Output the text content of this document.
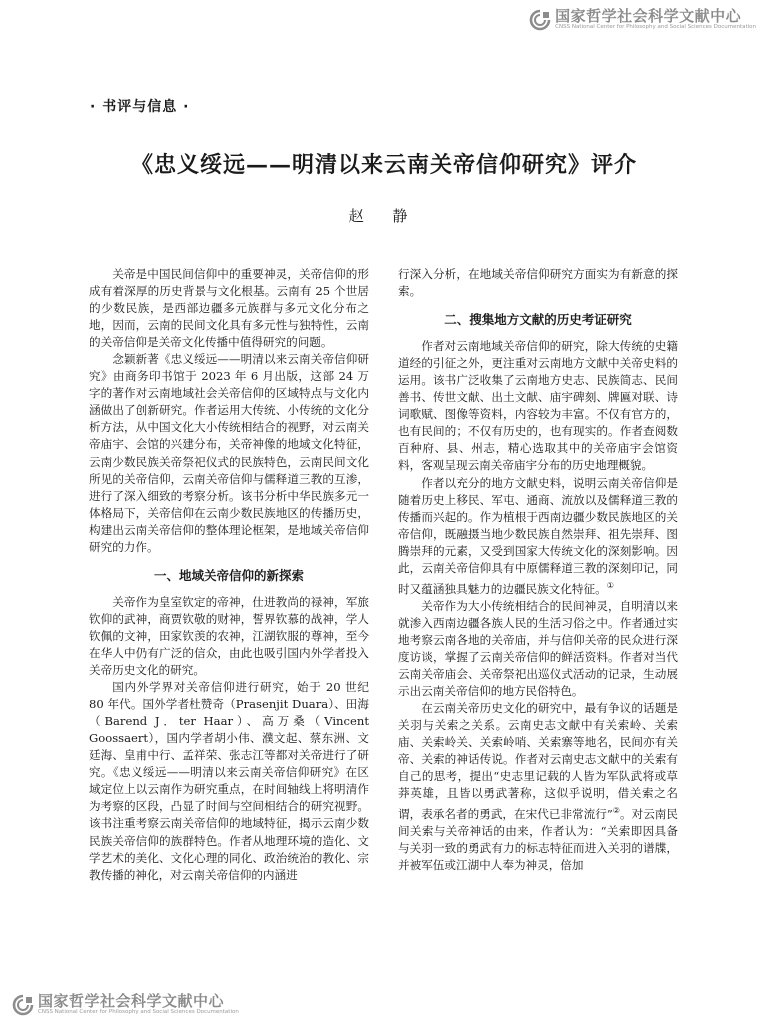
国家哲学社会科学文献中心
CNSS National Center for Philosophy and Social Sciences Documentation
· 书评与信息 ·
《忠义绥远——明清以来云南关帝信仰研究》评介
赵 静

关帝是中国民间信仰中的重要神灵，关帝信仰的形成有着深厚的历史背景与文化根基。云南有 25 个世居的少数民族，是西部边疆多元族群与多元文化分布之地，因而，云南的民间文化具有多元性与独特性，云南的关帝信仰是关帝文化传播中值得研究的问题。

念颖新著《忠义绥远——明清以来云南关帝信仰研究》由商务印书馆于 2023 年 6 月出版，这部 24 万字的著作对云南地域社会关帝信仰的区域特点与文化内涵做出了创新研究。作者运用大传统、小传统的文化分析方法，从中国文化大小传统相结合的视野，对云南关帝庙宇、会馆的兴建分布，关帝神像的地域文化特征，云南少数民族关帝祭祀仪式的民族特色，云南民间文化所见的关帝信仰，云南关帝信仰与儒释道三教的互渗，进行了深入细致的考察分析。该书分析中华民族多元一体格局下，关帝信仰在云南少数民族地区的传播历史，构建出云南关帝信仰的整体理论框架，是地域关帝信仰研究的力作。

一、地域关帝信仰的新探索

关帝作为皇室钦定的帝神，仕进教尚的禄神，军旅钦仰的武神，商贾钦敬的财神，誓界钦慕的战神，学人钦佩的文神，田家钦羡的农神，江湖钦服的尊神，至今在华人中仍有广泛的信众，由此也吸引国内外学者投入关帝历史文化的研究。

国内外学界对关帝信仰进行研究，始于 20 世纪 80 年代。国外学者杜赞奇（Prasenjit Duara）、田海（Barend J．ter Haar）、高万桑（Vincent Goossaert），国内学者胡小伟、濮文起、蔡东洲、文廷海、皇甫中行、孟祥荣、张志江等都对关帝进行了研究。《忠义绥远——明清以来云南关帝信仰研究》在区域定位上以云南作为研究重点，在时间轴线上将明清作为考察的区段，凸显了时间与空间相结合的研究视野。该书注重考察云南关帝信仰的地域特征，揭示云南少数民族关帝信仰的族群特色。作者从地理环境的造化、文学艺术的美化、文化心理的同化、政治统治的教化、宗教传播的神化，对云南关帝信仰的内涵进

行深入分析，在地域关帝信仰研究方面实为有新意的探索。

二、搜集地方文献的历史考证研究

作者对云南地域关帝信仰的研究，除大传统的史籍道经的引征之外，更注重对云南地方文献中关帝史料的运用。该书广泛收集了云南地方史志、民族简志、民间善书、传世文献、出土文献、庙宇碑刻、牌匾对联、诗词歌赋、图像等资料，内容较为丰富。不仅有官方的，也有民间的；不仅有历史的，也有现实的。作者查阅数百种府、县、州志，精心选取其中的关帝庙宇会馆资料，客观呈现云南关帝庙宇分布的历史地理概貌。

作者以充分的地方文献史料，说明云南关帝信仰是随着历史上移民、军屯、通商、流放以及儒释道三教的传播而兴起的。作为植根于西南边疆少数民族地区的关帝信仰，既融摄当地少数民族自然崇拜、祖先崇拜、图腾崇拜的元素，又受到国家大传统文化的深刻影响。因此，云南关帝信仰具有中原儒释道三教的深刻印记，同时又蕴涵独具魅力的边疆民族文化特征。①

关帝作为大小传统相结合的民间神灵，自明清以来就渗入西南边疆各族人民的生活习俗之中。作者通过实地考察云南各地的关帝庙，并与信仰关帝的民众进行深度访谈，掌握了云南关帝信仰的鲜活资料。作者对当代云南关帝庙会、关帝祭祀出巡仪式活动的记录，生动展示出云南关帝信仰的地方民俗特色。

在云南关帝历史文化的研究中，最有争议的话题是关羽与关索之关系。云南史志文献中有关索岭、关索庙、关索岭关、关索岭哨、关索寨等地名，民间亦有关帝、关索的神话传说。作者对云南史志文献中的关索有自己的思考，提出“史志里记载的人皆为军队武将或草莽英雄，且皆以勇武著称，这似乎说明，借关索之名谓，表承名者的勇武，在宋代已非常流行”②。对云南民间关索与关帝神话的由来，作者认为：“关索即因具备与关羽一致的勇武有力的标志特征而进入关羽的谱牒，并被军伍或江湖中人奉为神灵，倍加

国家哲学社会科学文献中心
CNSS National Center for Philosophy and Social Sciences Documentation
